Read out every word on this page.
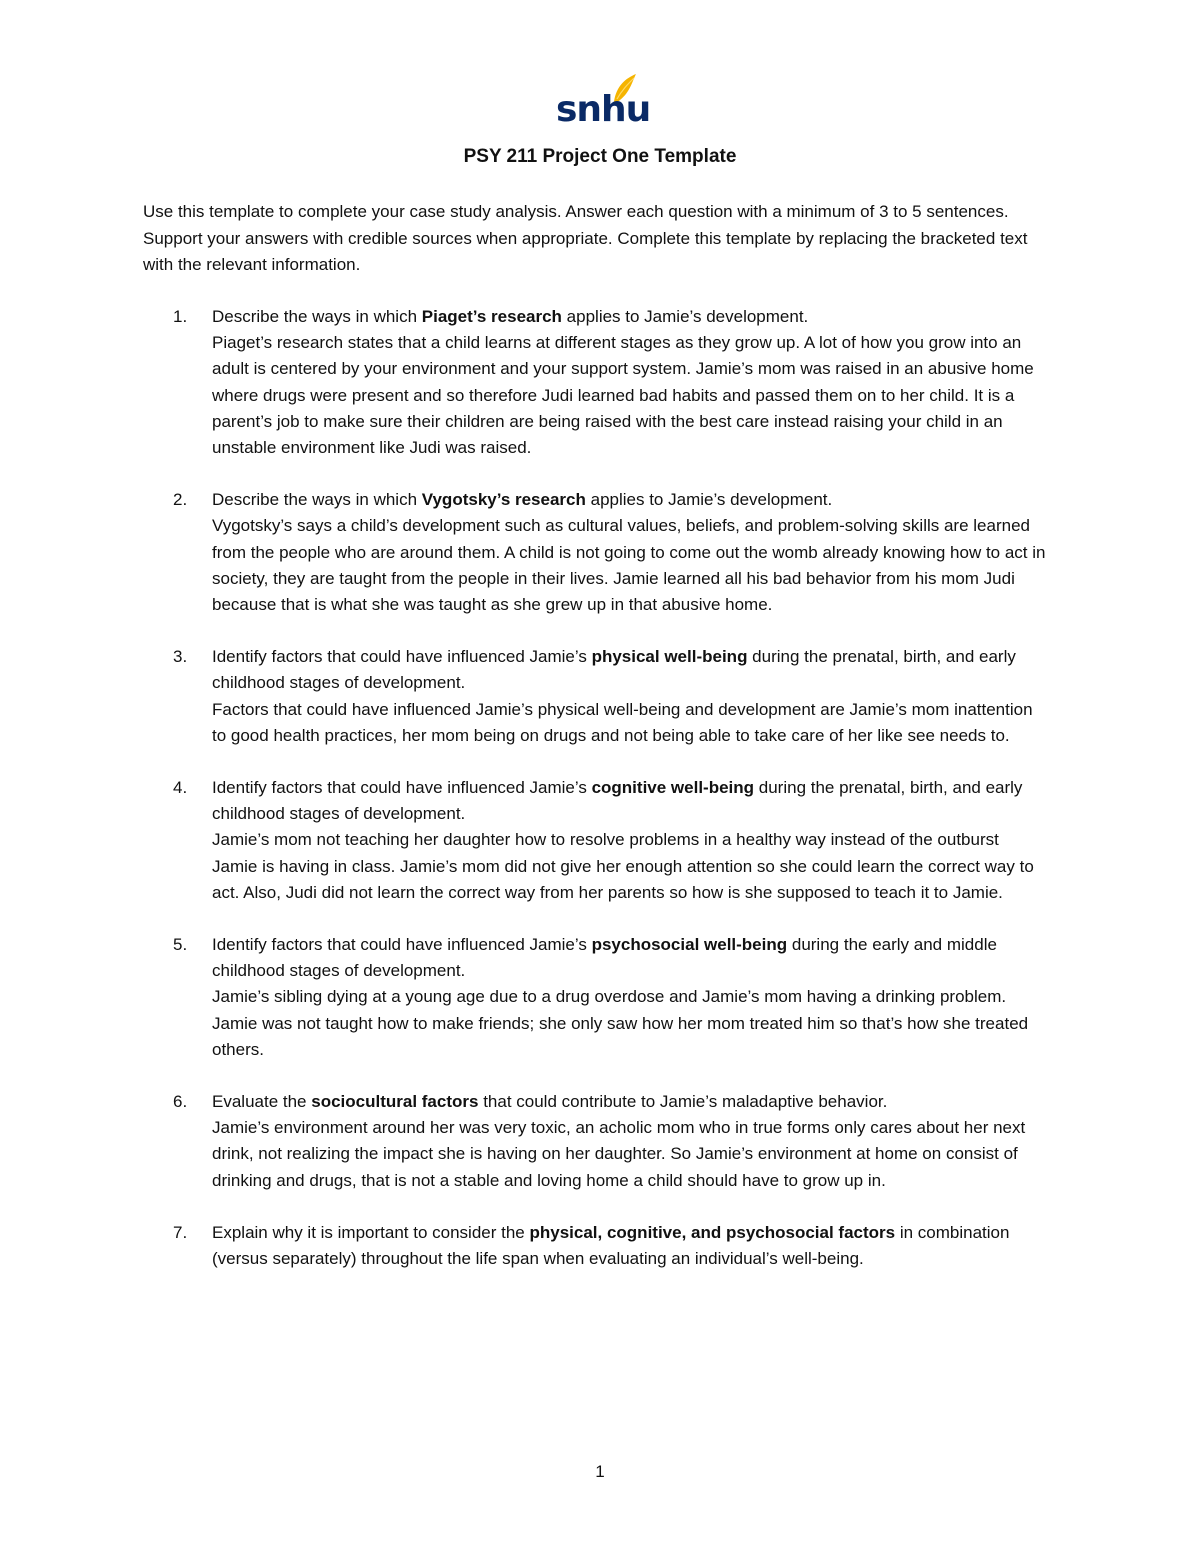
snhu
PSY 211 Project One Template
Use this template to complete your case study analysis. Answer each question with a minimum of 3 to 5 sentences. Support your answers with credible sources when appropriate. Complete this template by replacing the bracketed text with the relevant information.
1. Describe the ways in which Piaget’s research applies to Jamie’s development.
Piaget’s research states that a child learns at different stages as they grow up. A lot of how you grow into an adult is centered by your environment and your support system. Jamie’s mom was raised in an abusive home where drugs were present and so therefore Judi learned bad habits and passed them on to her child. It is a parent’s job to make sure their children are being raised with the best care instead raising your child in an unstable environment like Judi was raised.
2. Describe the ways in which Vygotsky’s research applies to Jamie’s development.
Vygotsky’s says a child’s development such as cultural values, beliefs, and problem-solving skills are learned from the people who are around them. A child is not going to come out the womb already knowing how to act in society, they are taught from the people in their lives. Jamie learned all his bad behavior from his mom Judi because that is what she was taught as she grew up in that abusive home.
3. Identify factors that could have influenced Jamie’s physical well-being during the prenatal, birth, and early childhood stages of development.
Factors that could have influenced Jamie’s physical well-being and development are Jamie’s mom inattention to good health practices, her mom being on drugs and not being able to take care of her like see needs to.
4. Identify factors that could have influenced Jamie’s cognitive well-being during the prenatal, birth, and early childhood stages of development.
Jamie’s mom not teaching her daughter how to resolve problems in a healthy way instead of the outburst Jamie is having in class. Jamie’s mom did not give her enough attention so she could learn the correct way to act. Also, Judi did not learn the correct way from her parents so how is she supposed to teach it to Jamie.
5. Identify factors that could have influenced Jamie’s psychosocial well-being during the early and middle childhood stages of development.
Jamie’s sibling dying at a young age due to a drug overdose and Jamie’s mom having a drinking problem. Jamie was not taught how to make friends; she only saw how her mom treated him so that’s how she treated others.
6. Evaluate the sociocultural factors that could contribute to Jamie’s maladaptive behavior.
Jamie’s environment around her was very toxic, an acholic mom who in true forms only cares about her next drink, not realizing the impact she is having on her daughter. So Jamie’s environment at home on consist of drinking and drugs, that is not a stable and loving home a child should have to grow up in.
7. Explain why it is important to consider the physical, cognitive, and psychosocial factors in combination (versus separately) throughout the life span when evaluating an individual’s well-being.
1
